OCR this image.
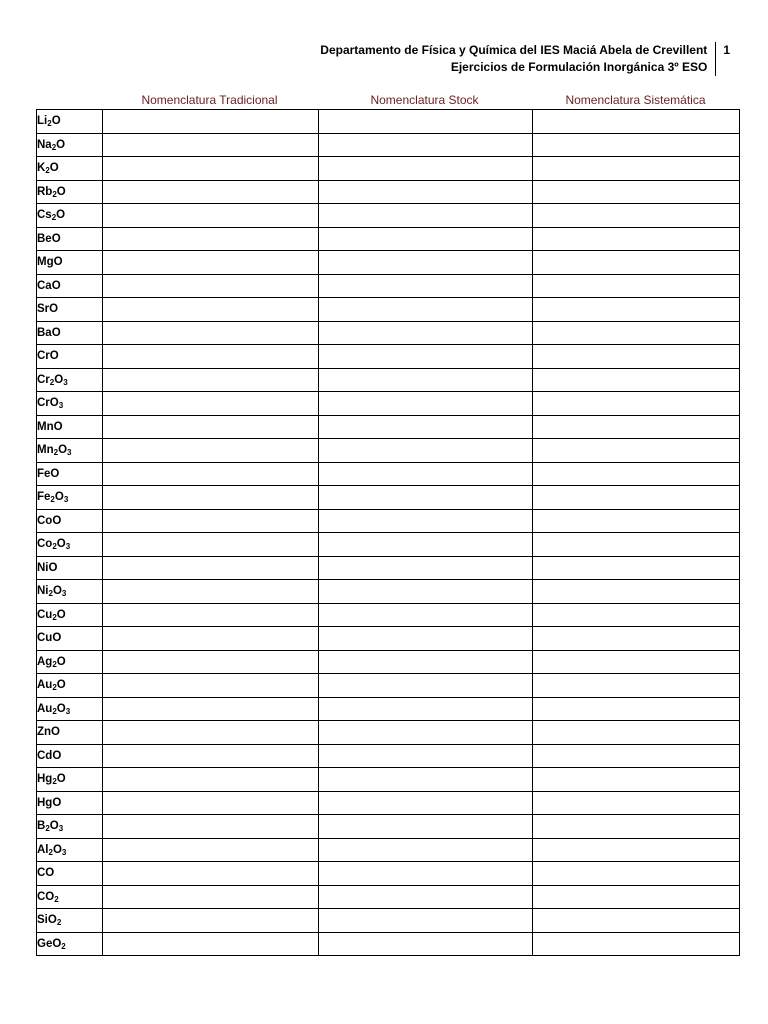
Departamento de Física y Química del IES Maciá Abela de Crevillent
Ejercicios de Formulación Inorgánica 3º ESO
1
Nomenclatura Tradicional	Nomenclatura Stock	Nomenclatura Sistemática
$Li_2O$			
$Na_2O$			
$K_2O$			
$Rb_2O$			
$Cs_2O$			
BeO			
MgO			
CaO			
SrO			
BaO			
CrO			
$Cr_2O_3$			
CrO$_3$			
MnO			
$Mn_2O_3$			
FeO			
$Fe_2O_3$			
CoO			
$Co_2O_3$			
NiO			
$Ni_2O_3$			
$Cu_2O$			
CuO			
$Ag_2O$			
$Au_2O$			
$Au_2O_3$			
ZnO			
CdO			
$Hg_2O$			
HgO			
$B_2O_3$			
$Al_2O_3$			
CO			
$CO_2$			
SiO$_2$			
GeO$_2$			
